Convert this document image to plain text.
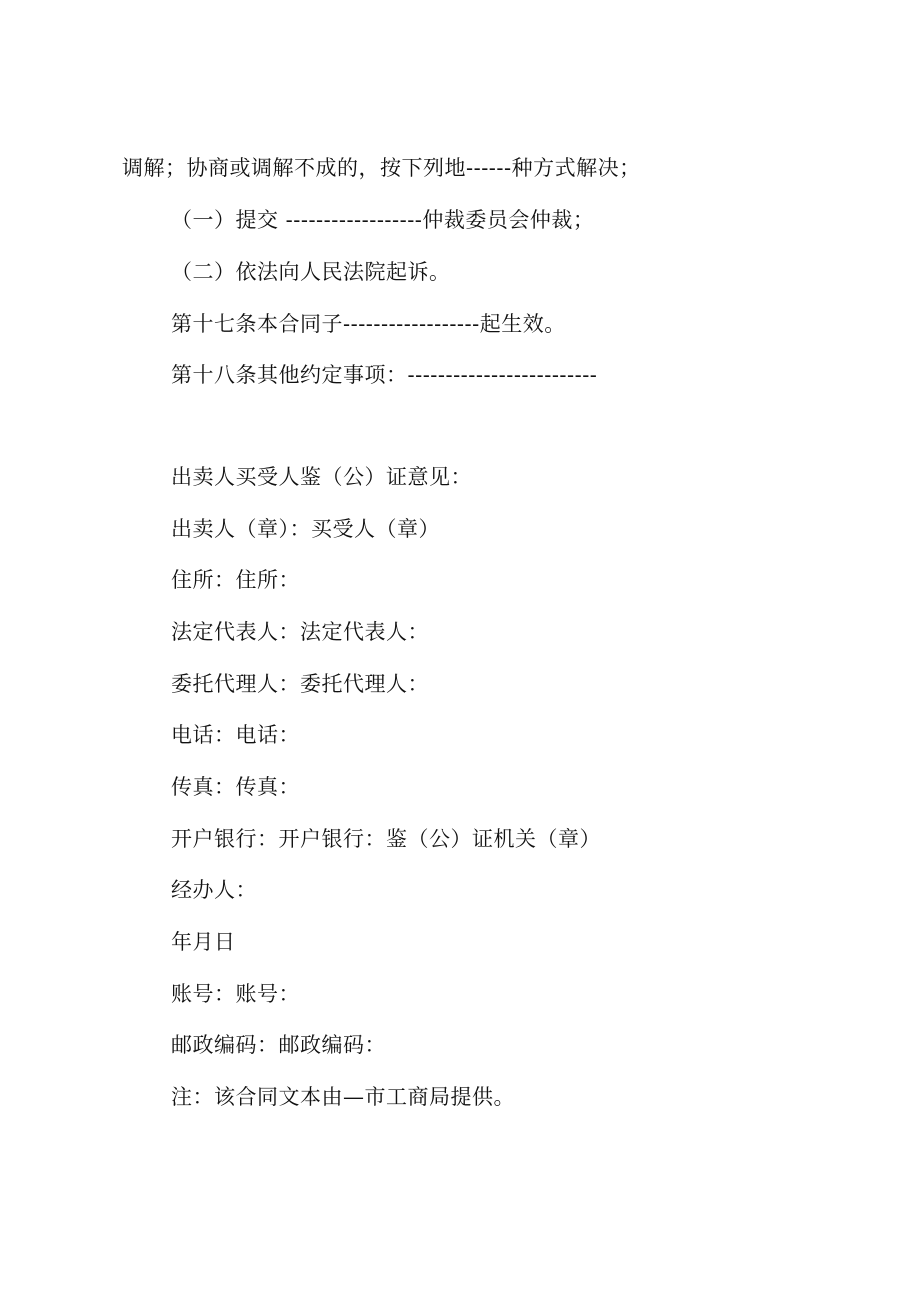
调解；协商或调解不成的，按下列地------种方式解决；
（一）提交 ------------------仲裁委员会仲裁；
（二）依法向人民法院起诉。
第十七条本合同子------------------起生效。
第十八条其他约定事项：-------------------------
出卖人买受人鉴（公）证意见：
出卖人（章）：买受人（章）
住所：住所：
法定代表人：法定代表人：
委托代理人：委托代理人：
电话：电话：
传真：传真：
开户银行：开户银行：鉴（公）证机关（章）
经办人：
年月日
账号：账号：
邮政编码：邮政编码：
注：该合同文本由—市工商局提供。
